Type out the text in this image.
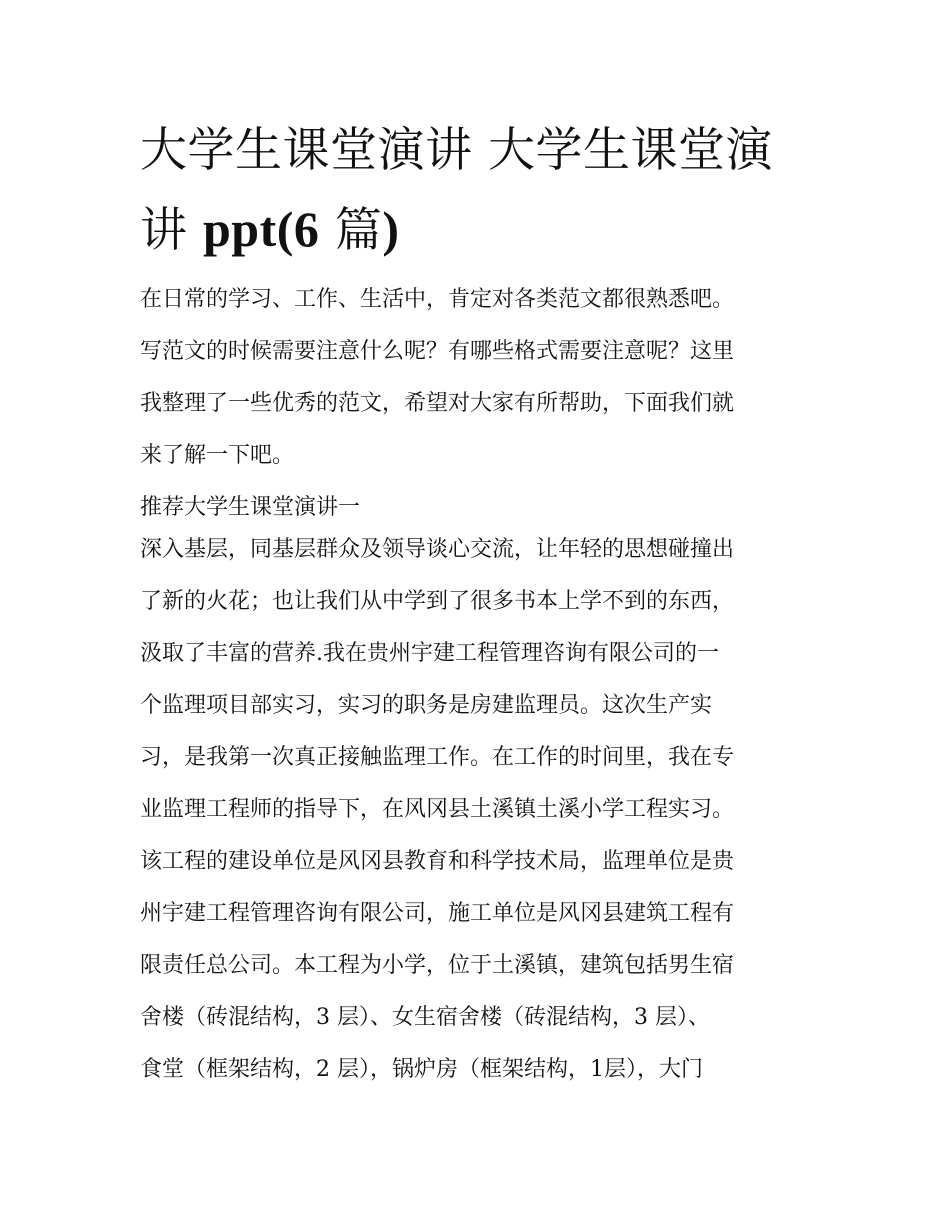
大学生课堂演讲 大学生课堂演
讲 ppt(6 篇)
在日常的学习、工作、生活中，肯定对各类范文都很熟悉吧。
写范文的时候需要注意什么呢？有哪些格式需要注意呢？这里
我整理了一些优秀的范文，希望对大家有所帮助，下面我们就
来了解一下吧。
推荐大学生课堂演讲一
深入基层，同基层群众及领导谈心交流，让年轻的思想碰撞出
了新的火花；也让我们从中学到了很多书本上学不到的东西，
汲取了丰富的营养.我在贵州宇建工程管理咨询有限公司的一
个监理项目部实习，实习的职务是房建监理员。这次生产实
习，是我第一次真正接触监理工作。在工作的时间里，我在专
业监理工程师的指导下，在风冈县土溪镇土溪小学工程实习。
该工程的建设单位是风冈县教育和科学技术局，监理单位是贵
州宇建工程管理咨询有限公司，施工单位是风冈县建筑工程有
限责任总公司。本工程为小学，位于土溪镇，建筑包括男生宿
舍楼（砖混结构，3 层）、女生宿舍楼（砖混结构，3 层）、
食堂（框架结构，2 层），锅炉房（框架结构，1层），大门
